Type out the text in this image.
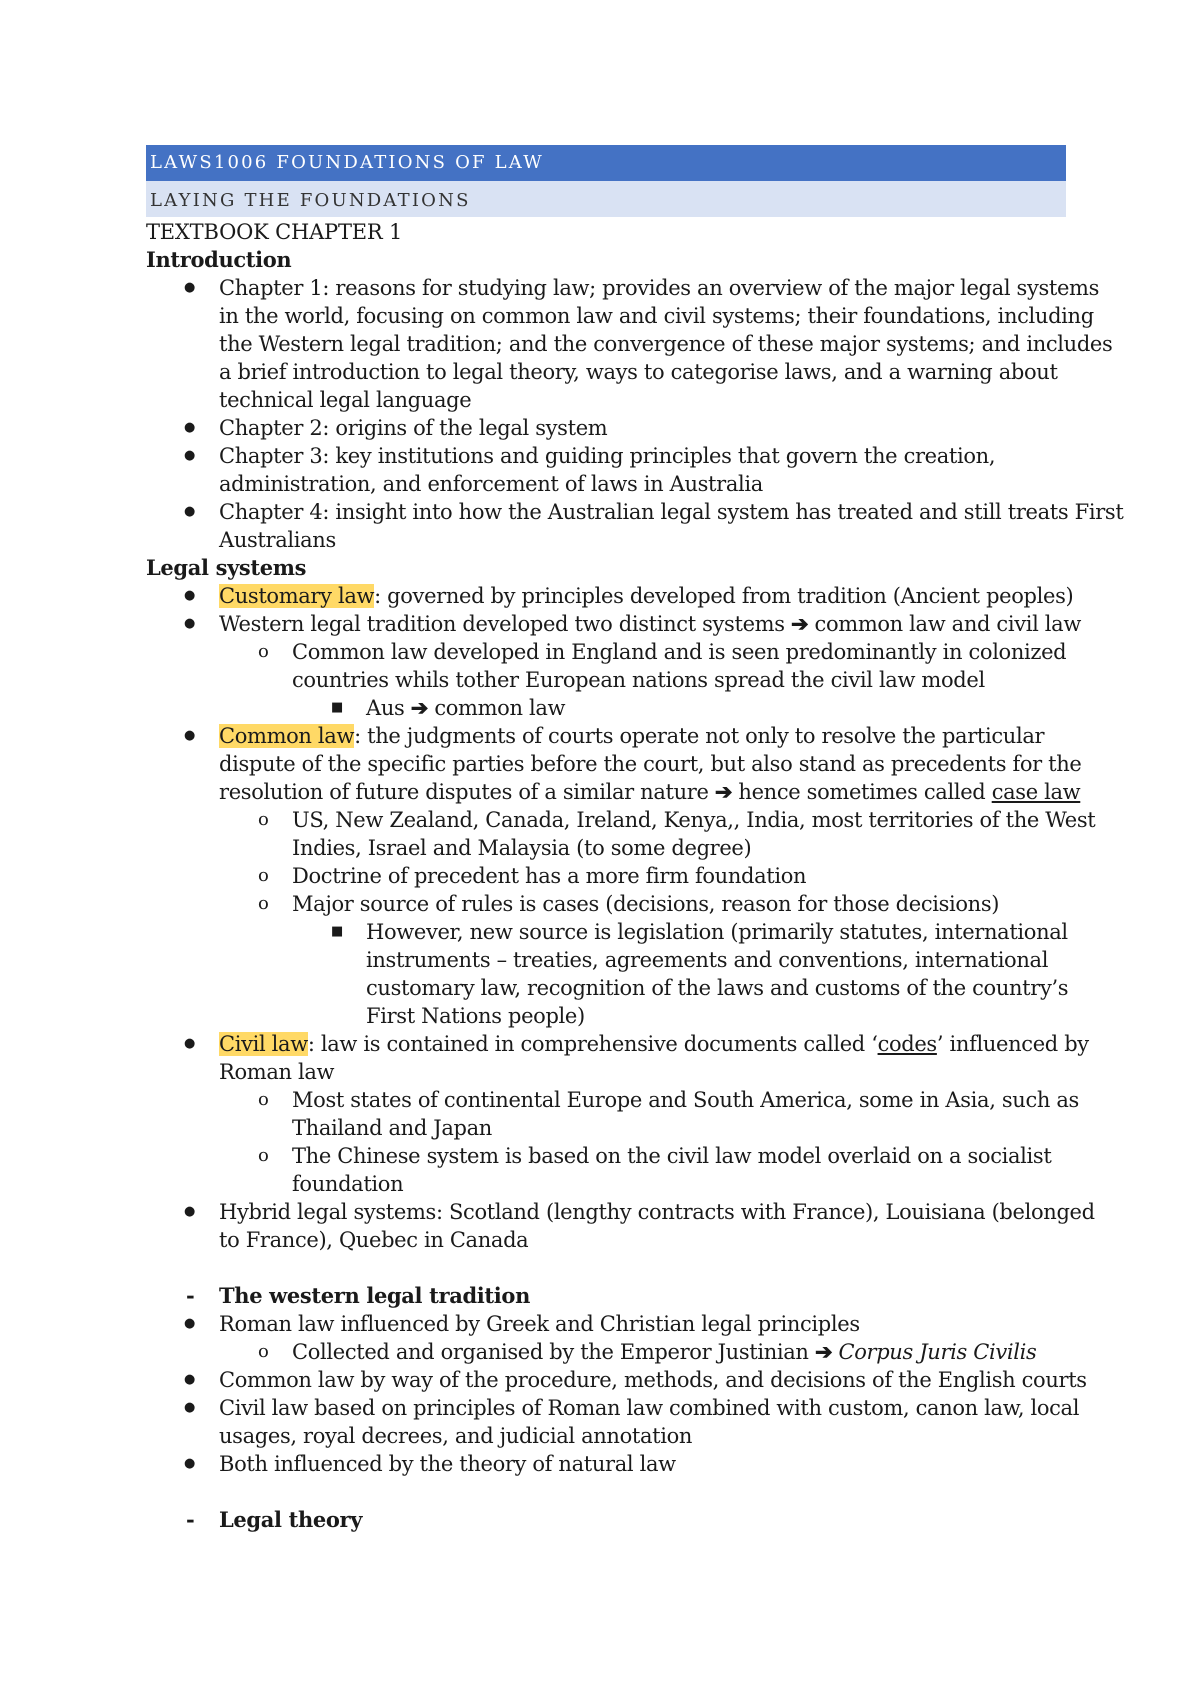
LAWS1006 FOUNDATIONS OF LAW
LAYING THE FOUNDATIONS
TEXTBOOK CHAPTER 1
Introduction
● Chapter 1: reasons for studying law; provides an overview of the major legal systems
in the world, focusing on common law and civil systems; their foundations, including
the Western legal tradition; and the convergence of these major systems; and includes
a brief introduction to legal theory, ways to categorise laws, and a warning about
technical legal language
● Chapter 2: origins of the legal system
● Chapter 3: key institutions and guiding principles that govern the creation,
administration, and enforcement of laws in Australia
● Chapter 4: insight into how the Australian legal system has treated and still treats First
Australians
Legal systems
● Customary law: governed by principles developed from tradition (Ancient peoples)
● Western legal tradition developed two distinct systems ➔ common law and civil law
o Common law developed in England and is seen predominantly in colonized
countries whils tother European nations spread the civil law model
■ Aus ➔ common law
● Common law: the judgments of courts operate not only to resolve the particular
dispute of the specific parties before the court, but also stand as precedents for the
resolution of future disputes of a similar nature ➔ hence sometimes called case law
o US, New Zealand, Canada, Ireland, Kenya,, India, most territories of the West
Indies, Israel and Malaysia (to some degree)
o Doctrine of precedent has a more firm foundation
o Major source of rules is cases (decisions, reason for those decisions)
■ However, new source is legislation (primarily statutes, international
instruments – treaties, agreements and conventions, international
customary law, recognition of the laws and customs of the country’s
First Nations people)
● Civil law: law is contained in comprehensive documents called ‘codes’ influenced by
Roman law
o Most states of continental Europe and South America, some in Asia, such as
Thailand and Japan
o The Chinese system is based on the civil law model overlaid on a socialist
foundation
● Hybrid legal systems: Scotland (lengthy contracts with France), Louisiana (belonged
to France), Quebec in Canada
- The western legal tradition
● Roman law influenced by Greek and Christian legal principles
o Collected and organised by the Emperor Justinian ➔ Corpus Juris Civilis
● Common law by way of the procedure, methods, and decisions of the English courts
● Civil law based on principles of Roman law combined with custom, canon law, local
usages, royal decrees, and judicial annotation
● Both influenced by the theory of natural law
- Legal theory
